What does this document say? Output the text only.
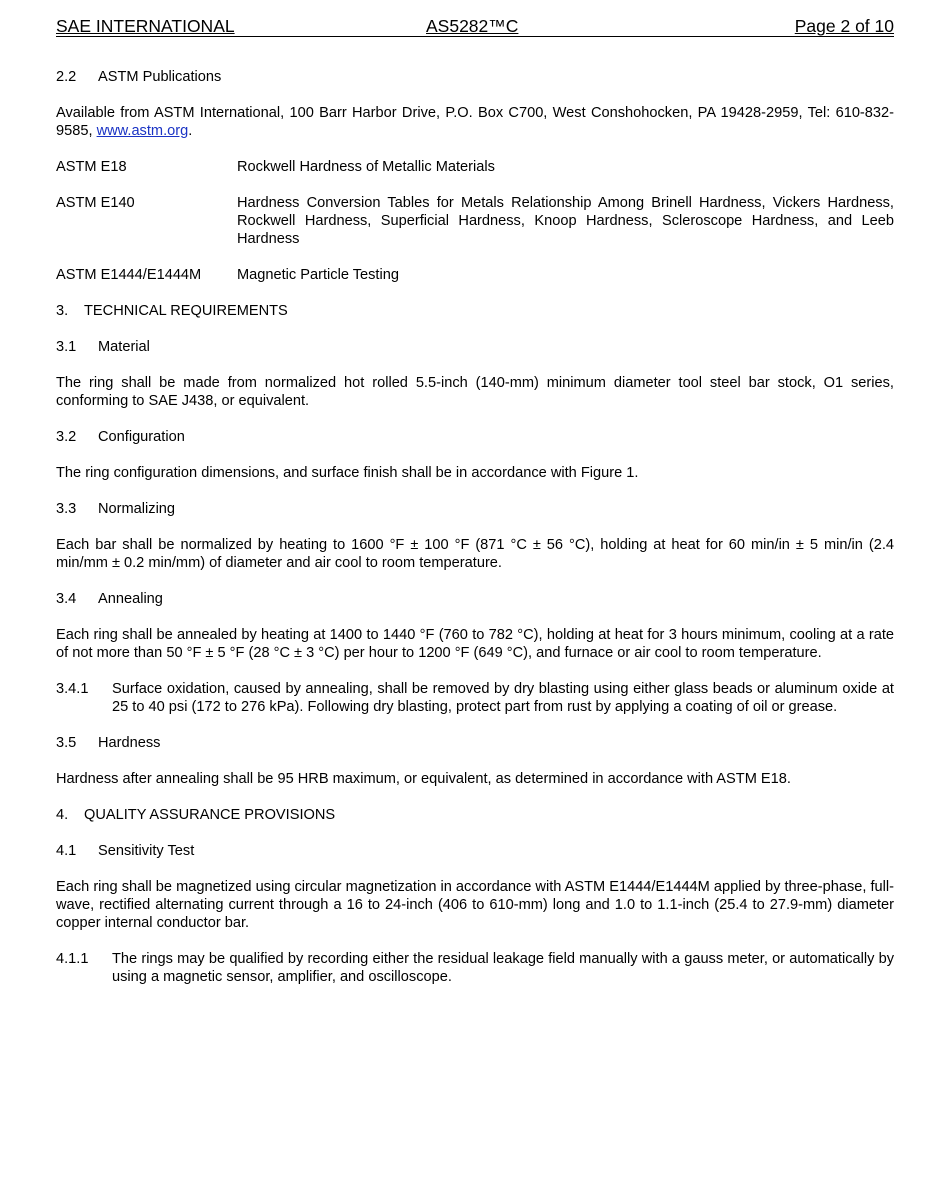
SAE INTERNATIONAL	AS5282™C	Page 2 of 10
2.2	ASTM Publications

Available from ASTM International, 100 Barr Harbor Drive, P.O. Box C700, West Conshohocken, PA 19428-2959, Tel: 610-832-9585, www.astm.org.

ASTM E18	Rockwell Hardness of Metallic Materials
ASTM E140	Hardness Conversion Tables for Metals Relationship Among Brinell Hardness, Vickers Hardness, Rockwell Hardness, Superficial Hardness, Knoop Hardness, Scleroscope Hardness, and Leeb Hardness
ASTM E1444/E1444M	Magnetic Particle Testing
3.	TECHNICAL REQUIREMENTS
3.1	Material

The ring shall be made from normalized hot rolled 5.5-inch (140-mm) minimum diameter tool steel bar stock, O1 series, conforming to SAE J438, or equivalent.

3.2	Configuration

The ring configuration dimensions, and surface finish shall be in accordance with Figure 1.

3.3	Normalizing

Each bar shall be normalized by heating to 1600 °F ± 100 °F (871 °C ± 56 °C), holding at heat for 60 min/in ± 5 min/in (2.4 min/mm ± 0.2 min/mm) of diameter and air cool to room temperature.

3.4	Annealing

Each ring shall be annealed by heating at 1400 to 1440 °F (760 to 782 °C), holding at heat for 3 hours minimum, cooling at a rate of not more than 50 °F ± 5 °F (28 °C ± 3 °C) per hour to 1200 °F (649 °C), and furnace or air cool to room temperature.

3.4.1	Surface oxidation, caused by annealing, shall be removed by dry blasting using either glass beads or aluminum oxide at 25 to 40 psi (172 to 276 kPa). Following dry blasting, protect part from rust by applying a coating of oil or grease.
3.5	Hardness

Hardness after annealing shall be 95 HRB maximum, or equivalent, as determined in accordance with ASTM E18.

4.	QUALITY ASSURANCE PROVISIONS
4.1	Sensitivity Test

Each ring shall be magnetized using circular magnetization in accordance with ASTM E1444/E1444M applied by three-phase, full-wave, rectified alternating current through a 16 to 24-inch (406 to 610-mm) long and 1.0 to 1.1-inch (25.4 to 27.9-mm) diameter copper internal conductor bar.

4.1.1	The rings may be qualified by recording either the residual leakage field manually with a gauss meter, or automatically by using a magnetic sensor, amplifier, and oscilloscope.
